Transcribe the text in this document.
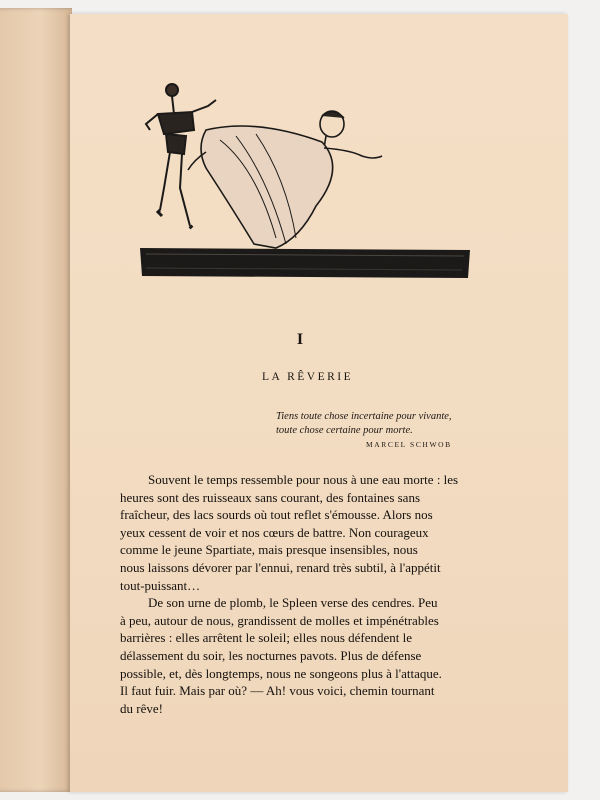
I
LA RÊVERIE
Tiens toute chose incertaine pour vivante,
toute chose certaine pour morte.
MARCEL SCHWOB
Souvent le temps ressemble pour nous à une eau morte : les
heures sont des ruisseaux sans courant, des fontaines sans
fraîcheur, des lacs sourds où tout reflet s'émousse. Alors nos
yeux cessent de voir et nos cœurs de battre. Non courageux
comme le jeune Spartiate, mais presque insensibles, nous
nous laissons dévorer par l'ennui, renard très subtil, à l'appétit
tout-puissant…
De son urne de plomb, le Spleen verse des cendres. Peu
à peu, autour de nous, grandissent de molles et impénétrables
barrières : elles arrêtent le soleil; elles nous défendent le
délassement du soir, les nocturnes pavots. Plus de défense
possible, et, dès longtemps, nous ne songeons plus à l'attaque.
Il faut fuir. Mais par où? — Ah! vous voici, chemin tournant
du rêve!
